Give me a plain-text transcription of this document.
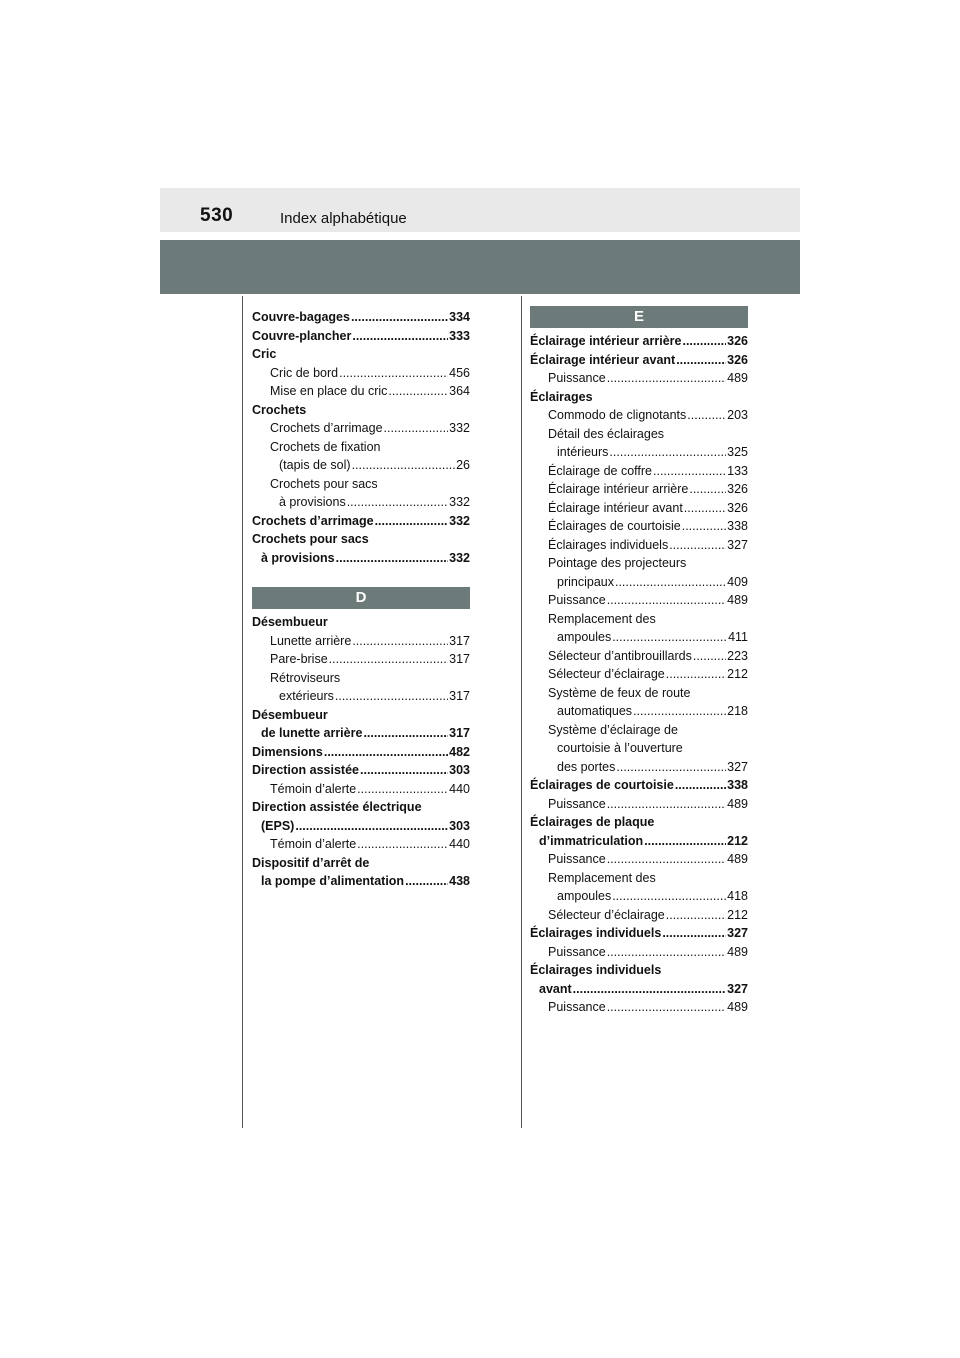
530	Index alphabétique
Couvre-bagages .....	334
Couvre-plancher .....	333
Cric
Cric de bord .....	456
Mise en place du cric .....	364
Crochets
Crochets d’arrimage .....	332
Crochets de fixation
(tapis de sol) .....	26
Crochets pour sacs
à provisions .....	332
Crochets d’arrimage .....	332
Crochets pour sacs
à provisions .....	332
D
Désembueur
Lunette arrière .....	317
Pare-brise .....	317
Rétroviseurs
extérieurs .....	317
Désembueur
de lunette arrière .....	317
Dimensions .....	482
Direction assistée .....	303
Témoin d’alerte .....	440
Direction assistée électrique
(EPS) .....	303
Témoin d’alerte .....	440
Dispositif d’arrêt de
la pompe d’alimentation .....	438
E
Éclairage intérieur arrière .....	326
Éclairage intérieur avant .....	326
Puissance .....	489
Éclairages
Commodo de clignotants .....	203
Détail des éclairages
intérieurs .....	325
Éclairage de coffre .....	133
Éclairage intérieur arrière .....	326
Éclairage intérieur avant .....	326
Éclairages de courtoisie .....	338
Éclairages individuels .....	327
Pointage des projecteurs
principaux .....	409
Puissance .....	489
Remplacement des
ampoules .....	411
Sélecteur d’antibrouillards .....	223
Sélecteur d’éclairage .....	212
Système de feux de route
automatiques .....	218
Système d’éclairage de
courtoisie à l’ouverture
des portes .....	327
Éclairages de courtoisie .....	338
Puissance .....	489
Éclairages de plaque
d’immatriculation .....	212
Puissance .....	489
Remplacement des
ampoules .....	418
Sélecteur d’éclairage .....	212
Éclairages individuels .....	327
Puissance .....	489
Éclairages individuels
avant .....	327
Puissance .....	489
